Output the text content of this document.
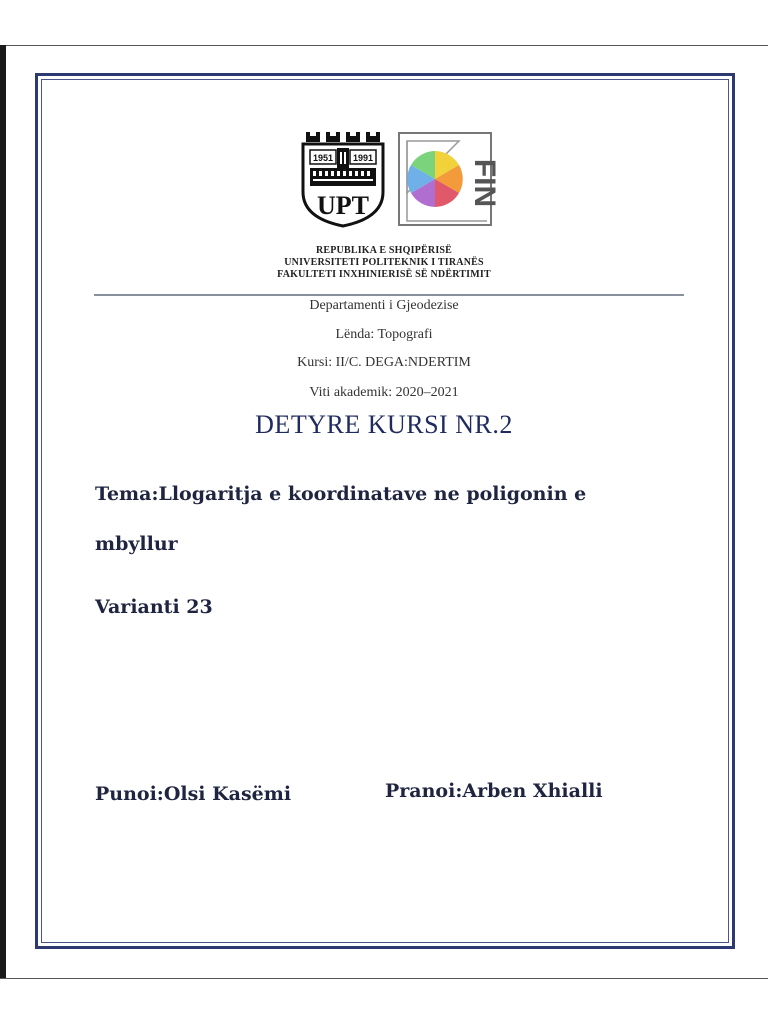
1951 1991
UPT	FIN
REPUBLIKA E SHQIPËRISË
UNIVERSITETI POLITEKNIK I TIRANËS
FAKULTETI INXHINIERISË SË NDËRTIMIT
Departamenti i Gjeodezise
Lënda: Topografi
Kursi: II/C. DEGA:NDERTIM
Viti akademik: 2020–2021
DETYRE KURSI NR.2
Tema:Llogaritja e koordinatave ne poligonin e
mbyllur
Varianti 23
Punoi:Olsi Kasëmi	Pranoi:Arben Xhialli
